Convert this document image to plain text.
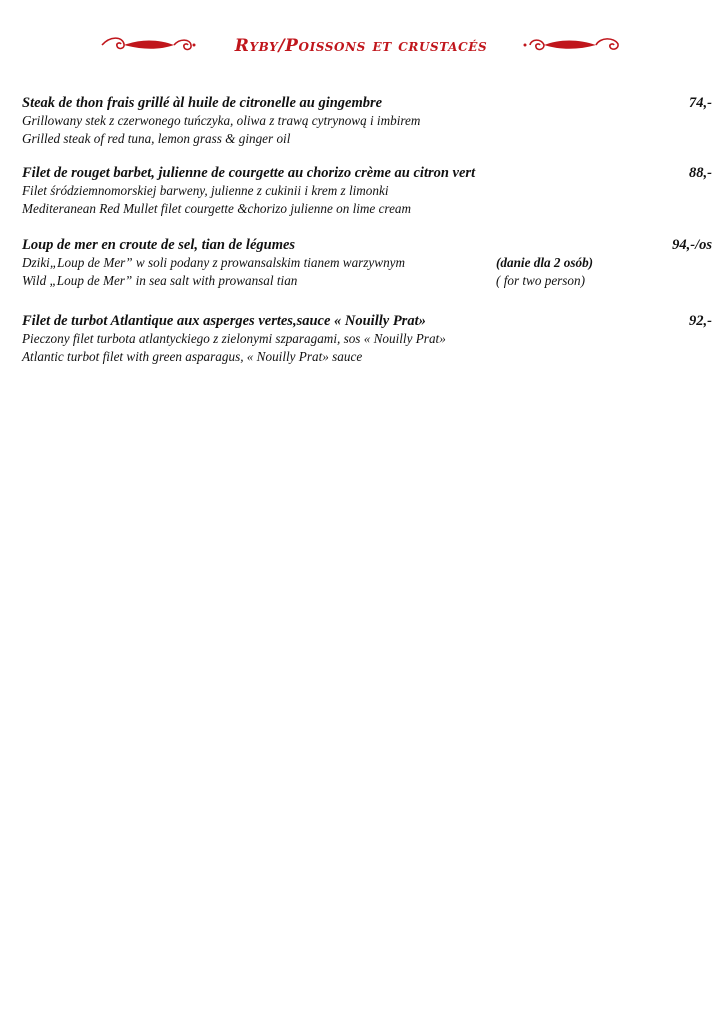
Ryby/Poissons et crustacés
Steak de thon frais grillé àl huile de citronelle au gingembre	74,-
Grillowany stek z czerwonego tuńczyka, oliwa z trawą cytrynową i imbirem
Grilled steak of red tuna, lemon grass & ginger oil
Filet de rouget barbet, julienne de courgette au chorizo crème au citron vert	88,-
Filet śródziemnomorskiej barweny, julienne z cukinii i krem z limonki
Mediteranean Red Mullet filet courgette &chorizo julienne on lime cream
Loup de mer en croute de sel, tian de légumes	94,-/os
Dziki„Loup de Mer” w soli podany z prowansalskim tianem warzywnym
Wild „Loup de Mer” in sea salt with prowansal tian
(danie dla 2 osób)
( for two person)
Filet de turbot Atlantique aux asperges vertes,sauce « Nouilly Prat»	92,-
Pieczony filet turbota atlantyckiego z zielonymi szparagami, sos « Nouilly Prat»
Atlantic turbot filet with green asparagus, « Nouilly Prat» sauce
